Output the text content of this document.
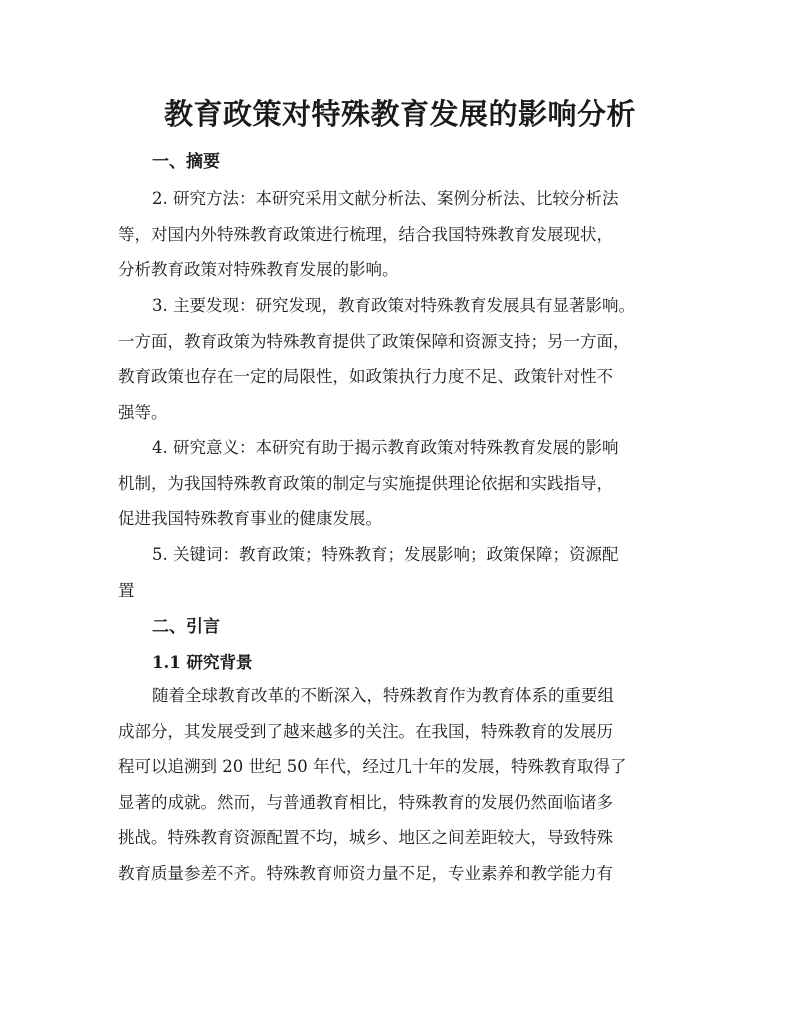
教育政策对特殊教育发展的影响分析
一、摘要
2. 研究方法：本研究采用文献分析法、案例分析法、比较分析法
等，对国内外特殊教育政策进行梳理，结合我国特殊教育发展现状，
分析教育政策对特殊教育发展的影响。
3. 主要发现：研究发现，教育政策对特殊教育发展具有显著影响。
一方面，教育政策为特殊教育提供了政策保障和资源支持；另一方面，
教育政策也存在一定的局限性，如政策执行力度不足、政策针对性不
强等。
4. 研究意义：本研究有助于揭示教育政策对特殊教育发展的影响
机制，为我国特殊教育政策的制定与实施提供理论依据和实践指导，
促进我国特殊教育事业的健康发展。
5. 关键词：教育政策；特殊教育；发展影响；政策保障；资源配
置
二、引言
1.1 研究背景
随着全球教育改革的不断深入，特殊教育作为教育体系的重要组
成部分，其发展受到了越来越多的关注。在我国，特殊教育的发展历
程可以追溯到 20 世纪 50 年代，经过几十年的发展，特殊教育取得了
显著的成就。然而，与普通教育相比，特殊教育的发展仍然面临诸多
挑战。特殊教育资源配置不均，城乡、地区之间差距较大，导致特殊
教育质量参差不齐。特殊教育师资力量不足，专业素养和教学能力有
